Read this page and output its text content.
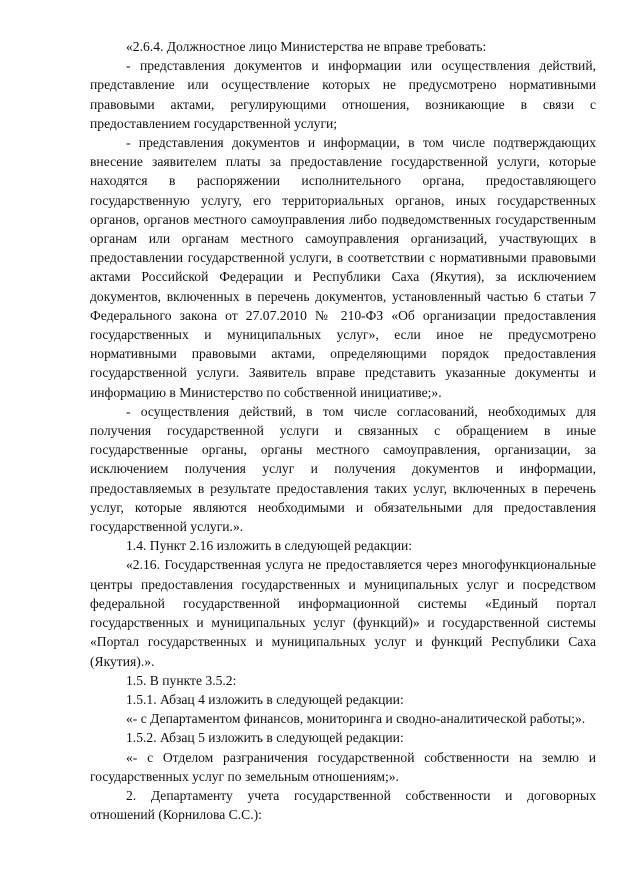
«2.6.4. Должностное лицо Министерства не вправе требовать:

- представления документов и информации или осуществления действий, представление или осуществление которых не предусмотрено нормативными правовыми актами, регулирующими отношения, возникающие в связи с предоставлением государственной услуги;

- представления документов и информации, в том числе подтверждающих внесение заявителем платы за предоставление государственной услуги, которые находятся в распоряжении исполнительного органа, предоставляющего государственную услугу, его территориальных органов, иных государственных органов, органов местного самоуправления либо подведомственных государственным органам или органам местного самоуправления организаций, участвующих в предоставлении государственной услуги, в соответствии с нормативными правовыми актами Российской Федерации и Республики Саха (Якутия), за исключением документов, включенных в перечень документов, установленный частью 6 статьи 7 Федерального закона от 27.07.2010 № 210-ФЗ «Об организации предоставления государственных и муниципальных услуг», если иное не предусмотрено нормативными правовыми актами, определяющими порядок предоставления государственной услуги. Заявитель вправе представить указанные документы и информацию в Министерство по собственной инициативе;».

- осуществления действий, в том числе согласований, необходимых для получения государственной услуги и связанных с обращением в иные государственные органы, органы местного самоуправления, организации, за исключением получения услуг и получения документов и информации, предоставляемых в результате предоставления таких услуг, включенных в перечень услуг, которые являются необходимыми и обязательными для предоставления государственной услуги.».

1.4. Пункт 2.16 изложить в следующей редакции:

«2.16. Государственная услуга не предоставляется через многофункциональные центры предоставления государственных и муниципальных услуг и посредством федеральной государственной информационной системы «Единый портал государственных и муниципальных услуг (функций)» и государственной системы «Портал государственных и муниципальных услуг и функций Республики Саха (Якутия).».

1.5. В пункте 3.5.2:

1.5.1. Абзац 4 изложить в следующей редакции:

«- с Департаментом финансов, мониторинга и сводно-аналитической работы;».

1.5.2. Абзац 5 изложить в следующей редакции:

«- с Отделом разграничения государственной собственности на землю и государственных услуг по земельным отношениям;».

2. Департаменту учета государственной собственности и договорных отношений (Корнилова С.С.):
